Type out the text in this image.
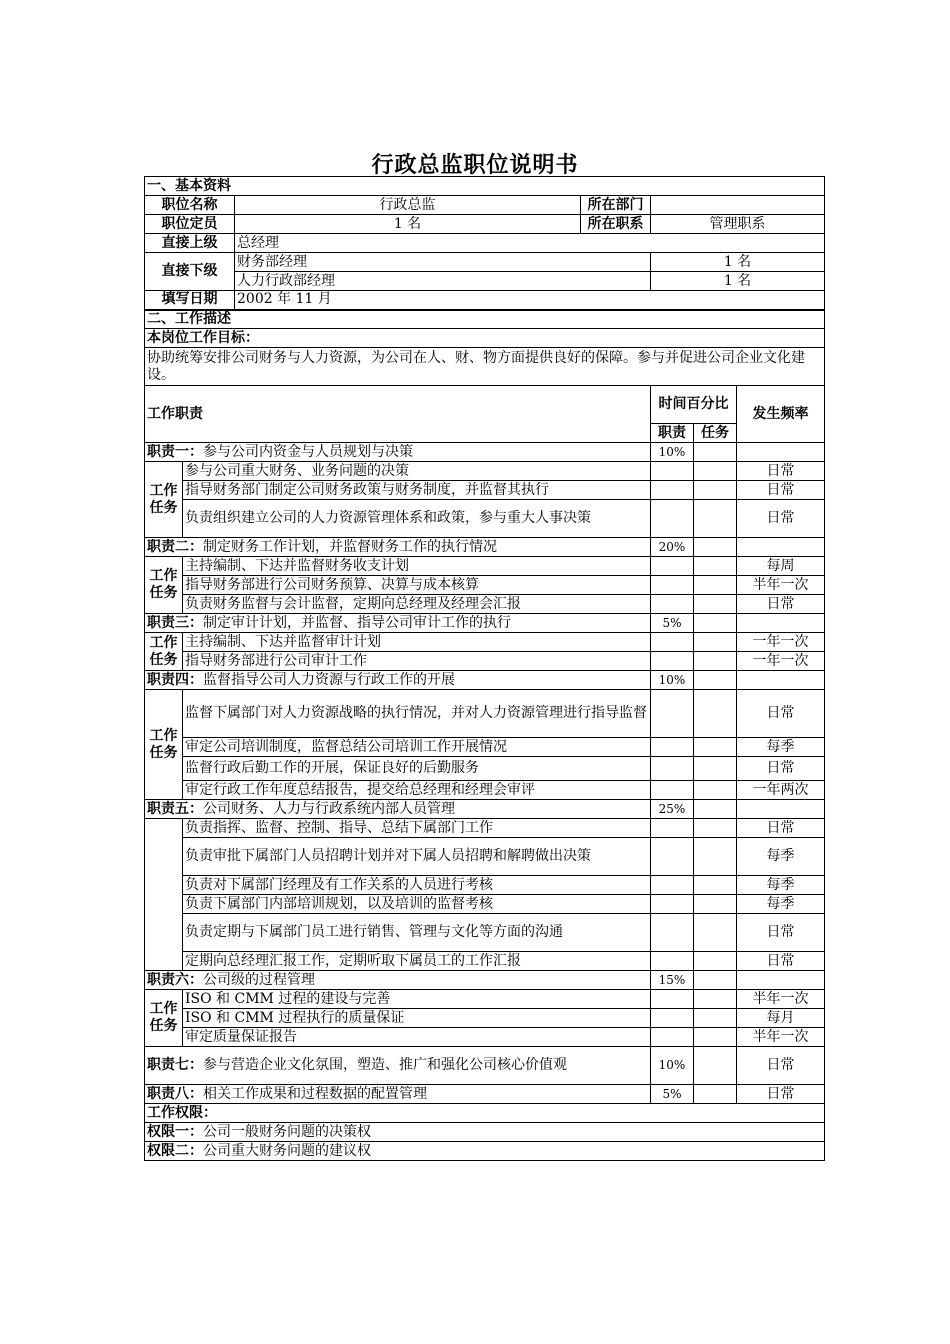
行政总监职位说明书
一、基本资料						
职位名称		行政总监	所在部门			
职位定员		1 名	所在职系	管理职系		
直接上级		总经理				
直接下级		财务部经理		1 名		
		人力行政部经理		1 名		
填写日期		2002 年 11 月				
二、工作描述						
本岗位工作目标：						
协助统筹安排公司财务与人力资源，为公司在人、财、物方面提供良好的保障。参与并促进公司企业文化建设。						
工作职责				时间百分比		发生频率
				职责	任务	
职责一：参与公司内资金与人员规划与决策				10%		
工作任务	参与公司重大财务、业务问题的决策					日常
	指导财务部门制定公司财务政策与财务制度，并监督其执行					日常
	负责组织建立公司的人力资源管理体系和政策，参与重大人事决策					日常
职责二：制定财务工作计划，并监督财务工作的执行情况				20%		
工作任务	主持编制、下达并监督财务收支计划					每周
	指导财务部进行公司财务预算、决算与成本核算					半年一次
	负责财务监督与会计监督，定期向总经理及经理会汇报					日常
职责三：制定审计计划，并监督、指导公司审计工作的执行				5%		
工作任务	主持编制、下达并监督审计计划					一年一次
	指导财务部进行公司审计工作					一年一次
职责四：监督指导公司人力资源与行政工作的开展				10%		
工作任务	监督下属部门对人力资源战略的执行情况，并对人力资源管理进行指导监督					日常
	审定公司培训制度，监督总结公司培训工作开展情况					每季
	监督行政后勤工作的开展，保证良好的后勤服务					日常
	审定行政工作年度总结报告，提交给总经理和经理会审评					一年两次
职责五：公司财务、人力与行政系统内部人员管理				25%		
	负责指挥、监督、控制、指导、总结下属部门工作					日常
	负责审批下属部门人员招聘计划并对下属人员招聘和解聘做出决策					每季
	负责对下属部门经理及有工作关系的人员进行考核					每季
	负责下属部门内部培训规划，以及培训的监督考核					每季
	负责定期与下属部门员工进行销售、管理与文化等方面的沟通					日常
	定期向总经理汇报工作，定期听取下属员工的工作汇报					日常
职责六：公司级的过程管理				15%		
工作任务	ISO 和 CMM 过程的建设与完善					半年一次
	ISO 和 CMM 过程执行的质量保证					每月
	审定质量保证报告					半年一次
职责七：参与营造企业文化氛围，塑造、推广和强化公司核心价值观				10%		日常
职责八：相关工作成果和过程数据的配置管理				5%		日常
工作权限：						
权限一：公司一般财务问题的决策权						
权限二：公司重大财务问题的建议权						
